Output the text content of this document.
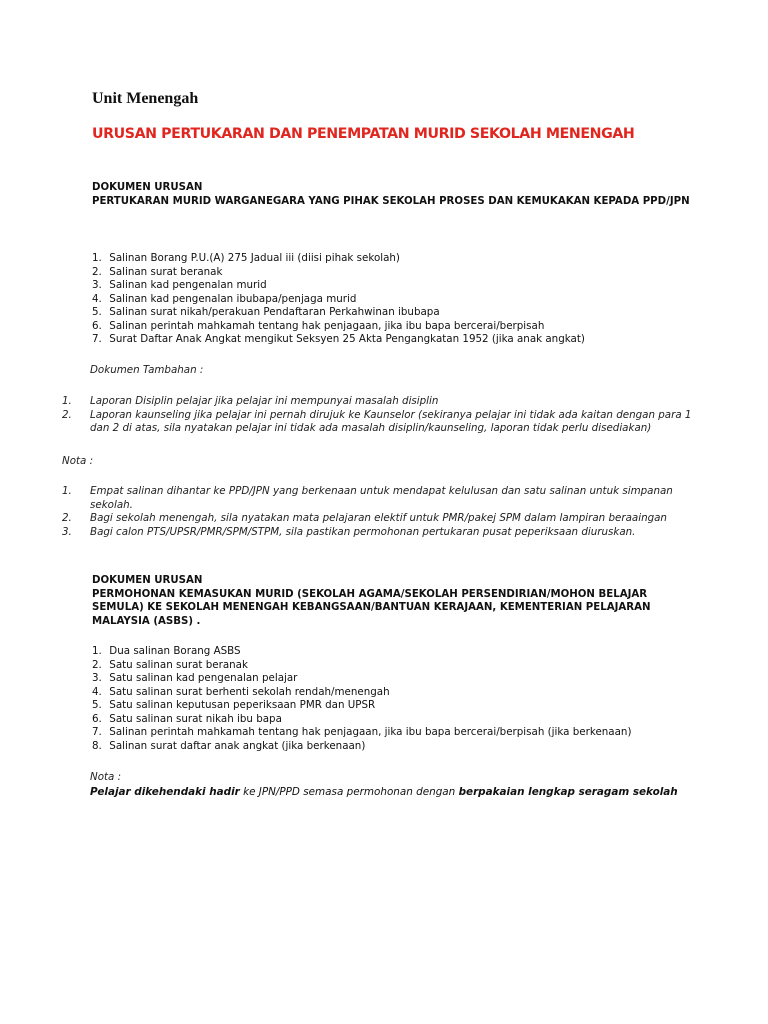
Unit Menengah
URUSAN PERTUKARAN DAN PENEMPATAN MURID SEKOLAH MENENGAH
DOKUMEN URUSAN
PERTUKARAN MURID WARGANEGARA YANG PIHAK SEKOLAH PROSES DAN KEMUKAKAN KEPADA PPD/JPN
1. Salinan Borang P.U.(A) 275 Jadual iii (diisi pihak sekolah)
2. Salinan surat beranak
3. Salinan kad pengenalan murid
4. Salinan kad pengenalan ibubapa/penjaga murid
5. Salinan surat nikah/perakuan Pendaftaran Perkahwinan ibubapa
6. Salinan perintah mahkamah tentang hak penjagaan, jika ibu bapa bercerai/berpisah
7. Surat Daftar Anak Angkat mengikut Seksyen 25 Akta Pengangkatan 1952 (jika anak angkat)

Dokumen Tambahan :

1. Laporan Disiplin pelajar jika pelajar ini mempunyai masalah disiplin
2. Laporan kaunseling jika pelajar ini pernah dirujuk ke Kaunselor (sekiranya pelajar ini tidak ada kaitan dengan para 1 dan 2 di atas, sila nyatakan pelajar ini tidak ada masalah disiplin/kaunseling, laporan tidak perlu disediakan)

Nota :

1. Empat salinan dihantar ke PPD/JPN yang berkenaan untuk mendapat kelulusan dan satu salinan untuk simpanan sekolah.
2. Bagi sekolah menengah, sila nyatakan mata pelajaran elektif untuk PMR/pakej SPM dalam lampiran beraaingan
3. Bagi calon PTS/UPSR/PMR/SPM/STPM, sila pastikan permohonan pertukaran pusat peperiksaan diuruskan.
DOKUMEN URUSAN
PERMOHONAN KEMASUKAN MURID (SEKOLAH AGAMA/SEKOLAH PERSENDIRIAN/MOHON BELAJAR SEMULA) KE SEKOLAH MENENGAH KEBANGSAAN/BANTUAN KERAJAAN, KEMENTERIAN PELAJARAN MALAYSIA (ASBS) .
1. Dua salinan Borang ASBS
2. Satu salinan surat beranak
3. Satu salinan kad pengenalan pelajar
4. Satu salinan surat berhenti sekolah rendah/menengah
5. Satu salinan keputusan peperiksaan PMR dan UPSR
6. Satu salinan surat nikah ibu bapa
7. Salinan perintah mahkamah tentang hak penjagaan, jika ibu bapa bercerai/berpisah (jika berkenaan)
8. Salinan surat daftar anak angkat (jika berkenaan)

Nota :

Pelajar dikehendaki hadir ke JPN/PPD semasa permohonan dengan berpakaian lengkap seragam sekolah
